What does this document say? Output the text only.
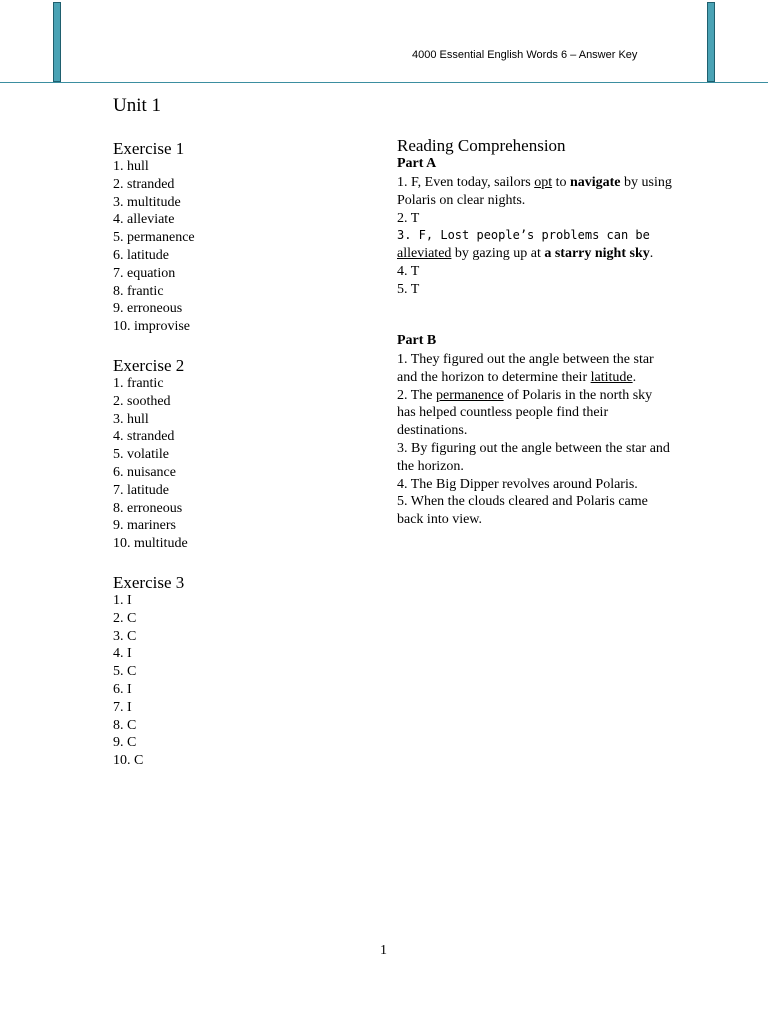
4000 Essential English Words 6 – Answer Key
Unit 1
Exercise 1
1. hull
2. stranded
3. multitude
4. alleviate
5. permanence
6. latitude
7. equation
8. frantic
9. erroneous
10. improvise
Exercise 2
1. frantic
2. soothed
3. hull
4. stranded
5. volatile
6. nuisance
7. latitude
8. erroneous
9. mariners
10. multitude
Exercise 3
1. I
2. C
3. C
4. I
5. C
6. I
7. I
8. C
9. C
10. C
Reading Comprehension
Part A
1. F, Even today, sailors opt to navigate by using Polaris on clear nights.
2. T
3. F, Lost people’s problems can be
alleviated by gazing up at a starry night sky.
4. T
5. T
Part B
1. They figured out the angle between the star and the horizon to determine their latitude.
2. The permanence of Polaris in the north sky has helped countless people find their destinations.
3. By figuring out the angle between the star and the horizon.
4. The Big Dipper revolves around Polaris.
5. When the clouds cleared and Polaris came back into view.
1
